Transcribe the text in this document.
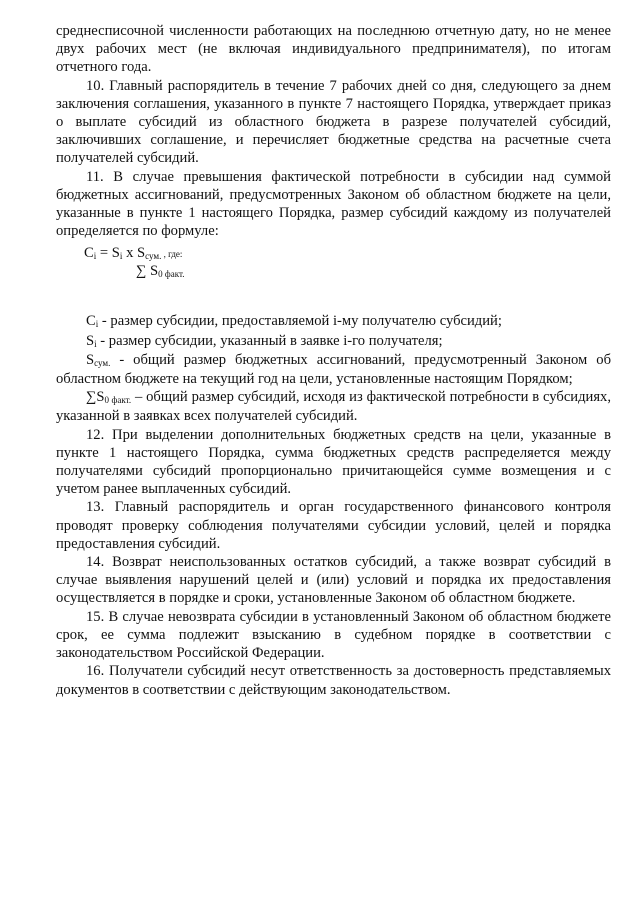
среднесписочной численности работающих на последнюю отчетную дату, но не менее двух рабочих мест (не включая индивидуального предпринимателя), по итогам отчетного года.

10. Главный распорядитель в течение 7 рабочих дней со дня, следующего за днем заключения соглашения, указанного в пункте 7 настоящего Порядка, утверждает приказ о выплате субсидий из областного бюджета в разрезе получателей субсидий, заключивших соглашение, и перечисляет бюджетные средства на расчетные счета получателей субсидий.

11. В случае превышения фактической потребности в субсидии над суммой бюджетных ассигнований, предусмотренных Законом об областном бюджете на цели, указанные в пункте 1 настоящего Порядка, размер субсидий каждому из получателей определяется по формуле:

$C_i = S_i$ x $S_{сум.}$ , где:
∑ $S_{0 факт.}$

$C_i$ - размер субсидии, предоставляемой i-му получателю субсидий;

$S_i$ - размер субсидии, указанный в заявке i-го получателя;

$S_{сум.}$ - общий размер бюджетных ассигнований, предусмотренный Законом об областном бюджете на текущий год на цели, установленные настоящим Порядком;

$\sum S_{0 факт.}$ – общий размер субсидий, исходя из фактической потребности в субсидиях, указанной в заявках всех получателей субсидий.

12. При выделении дополнительных бюджетных средств на цели, указанные в пункте 1 настоящего Порядка, сумма бюджетных средств распределяется между получателями субсидий пропорционально причитающейся сумме возмещения и с учетом ранее выплаченных субсидий.

13. Главный распорядитель и орган государственного финансового контроля проводят проверку соблюдения получателями субсидии условий, целей и порядка предоставления субсидий.

14. Возврат неиспользованных остатков субсидий, а также возврат субсидий в случае выявления нарушений целей и (или) условий и порядка их предоставления осуществляется в порядке и сроки, установленные Законом об областном бюджете.

15. В случае невозврата субсидии в установленный Законом об областном бюджете срок, ее сумма подлежит взысканию в судебном порядке в соответствии с законодательством Российской Федерации.

16. Получатели субсидий несут ответственность за достоверность представляемых документов в соответствии с действующим законодательством.
